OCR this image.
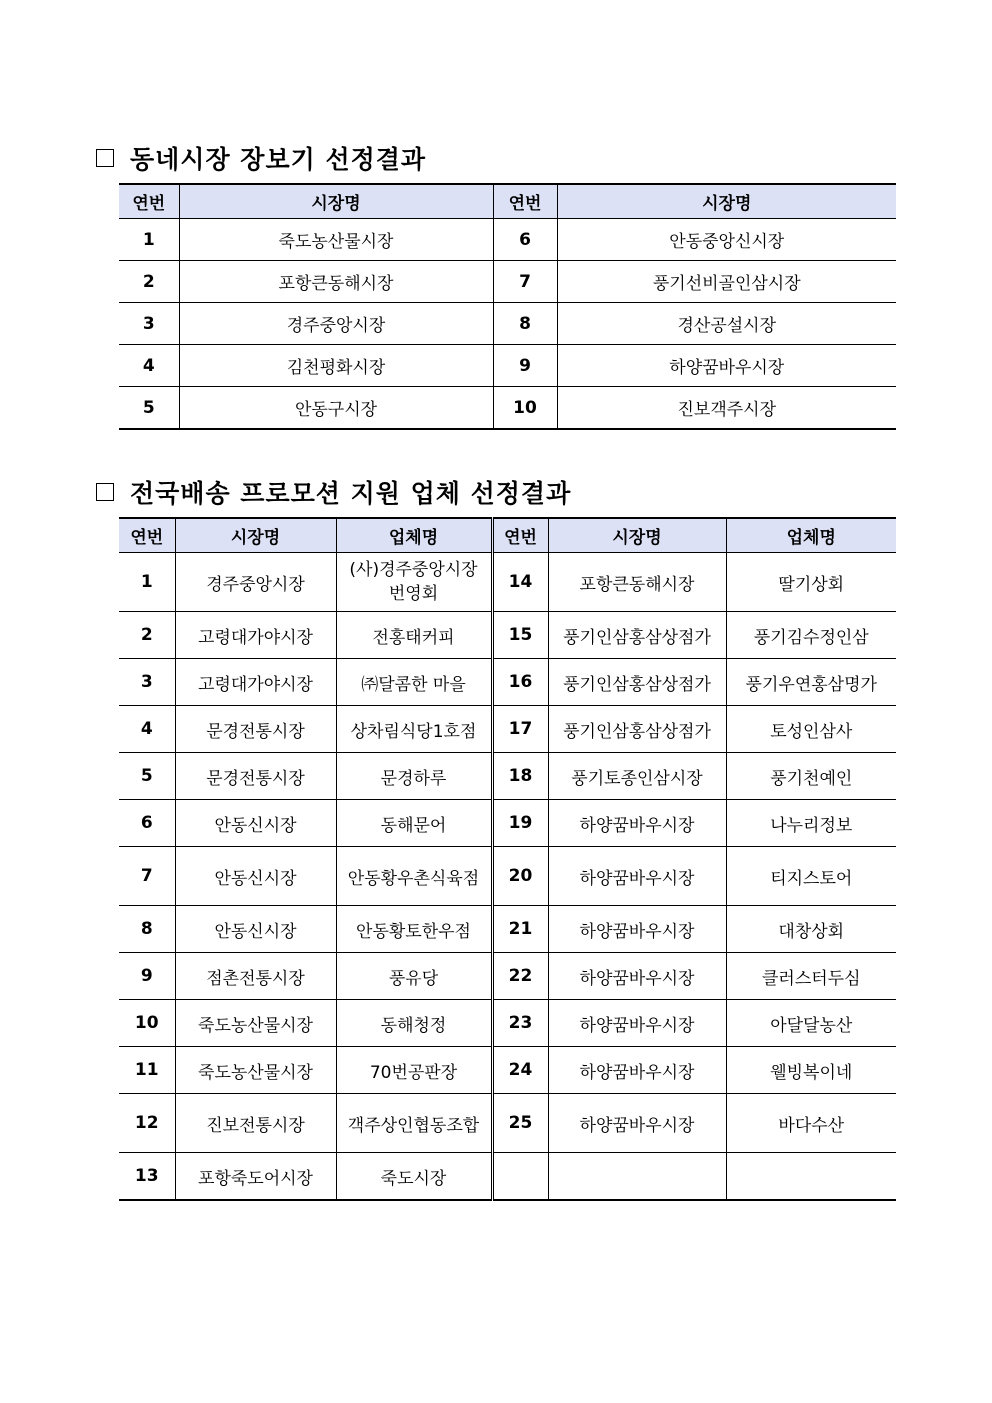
동네시장 장보기 선정결과
연번	시장명	연번	시장명
1	죽도농산물시장	6	안동중앙신시장
2	포항큰동해시장	7	풍기선비골인삼시장
3	경주중앙시장	8	경산공설시장
4	김천평화시장	9	하양꿈바우시장
5	안동구시장	10	진보객주시장
전국배송 프로모션 지원 업체 선정결과
연번	시장명	업체명	연번	시장명	업체명
1	경주중앙시장	(사)경주중앙시장
번영회	14	포항큰동해시장	딸기상회
2	고령대가야시장	전홍태커피	15	풍기인삼홍삼상점가	풍기김수정인삼
3	고령대가야시장	㈜달콤한 마을	16	풍기인삼홍삼상점가	풍기우연홍삼명가
4	문경전통시장	상차림식당1호점	17	풍기인삼홍삼상점가	토성인삼사
5	문경전통시장	문경하루	18	풍기토종인삼시장	풍기천예인
6	안동신시장	동해문어	19	하양꿈바우시장	나누리정보
7	안동신시장	안동황우촌식육점	20	하양꿈바우시장	티지스토어
8	안동신시장	안동황토한우점	21	하양꿈바우시장	대창상회
9	점촌전통시장	풍유당	22	하양꿈바우시장	클러스터두심
10	죽도농산물시장	동해청정	23	하양꿈바우시장	아달달농산
11	죽도농산물시장	70번공판장	24	하양꿈바우시장	웰빙복이네
12	진보전통시장	객주상인협동조합	25	하양꿈바우시장	바다수산
13	포항죽도어시장	죽도시장			
